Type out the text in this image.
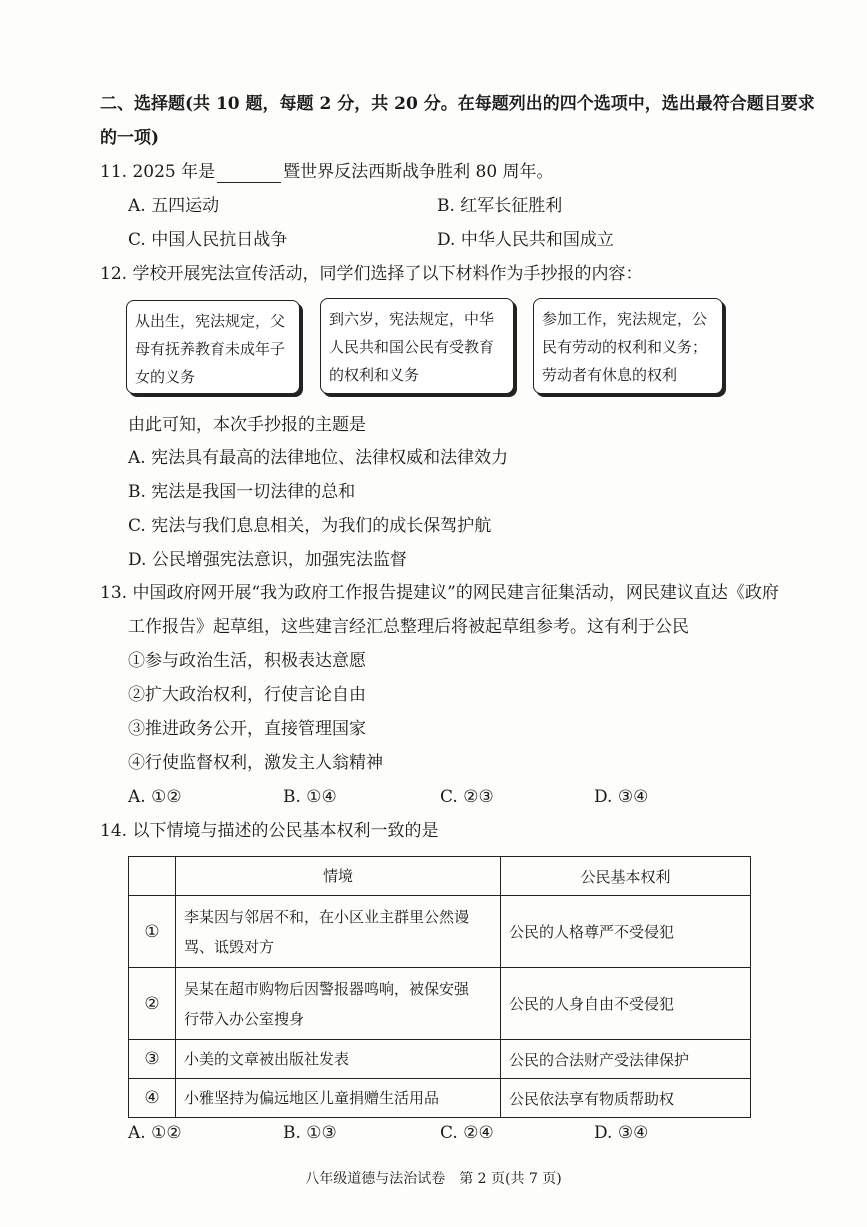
二、选择题(共 10 题，每题 2 分，共 20 分。在每题列出的四个选项中，选出最符合题目要求
的一项)
11. 2025 年是	暨世界反法西斯战争胜利 80 周年。
A. 五四运动	B. 红军长征胜利
C. 中国人民抗日战争	D. 中华人民共和国成立
12. 学校开展宪法宣传活动，同学们选择了以下材料作为手抄报的内容：
从出生，宪法规定，父
母有抚养教育未成年子
女的义务
到六岁，宪法规定，中华
人民共和国公民有受教育
的权利和义务
参加工作，宪法规定，公
民有劳动的权利和义务；
劳动者有休息的权利
由此可知，本次手抄报的主题是
A. 宪法具有最高的法律地位、法律权威和法律效力
B. 宪法是我国一切法律的总和
C. 宪法与我们息息相关，为我们的成长保驾护航
D. 公民增强宪法意识，加强宪法监督
13. 中国政府网开展“我为政府工作报告提建议”的网民建言征集活动，网民建议直达《政府
工作报告》起草组，这些建言经汇总整理后将被起草组参考。这有利于公民
①参与政治生活，积极表达意愿
②扩大政治权利，行使言论自由
③推进政务公开，直接管理国家
④行使监督权利，激发主人翁精神
A. ①②	B. ①④	C. ②③	D. ③④
14. 以下情境与描述的公民基本权利一致的是
	情境	公民基本权利
①	李某因与邻居不和，在小区业主群里公然谩
骂、诋毁对方	公民的人格尊严不受侵犯
②	吴某在超市购物后因警报器鸣响，被保安强
行带入办公室搜身	公民的人身自由不受侵犯
③	小美的文章被出版社发表	公民的合法财产受法律保护
④	小雅坚持为偏远地区儿童捐赠生活用品	公民依法享有物质帮助权
A. ①②	B. ①③	C. ②④	D. ③④
八年级道德与法治试卷　第 2 页(共 7 页)
